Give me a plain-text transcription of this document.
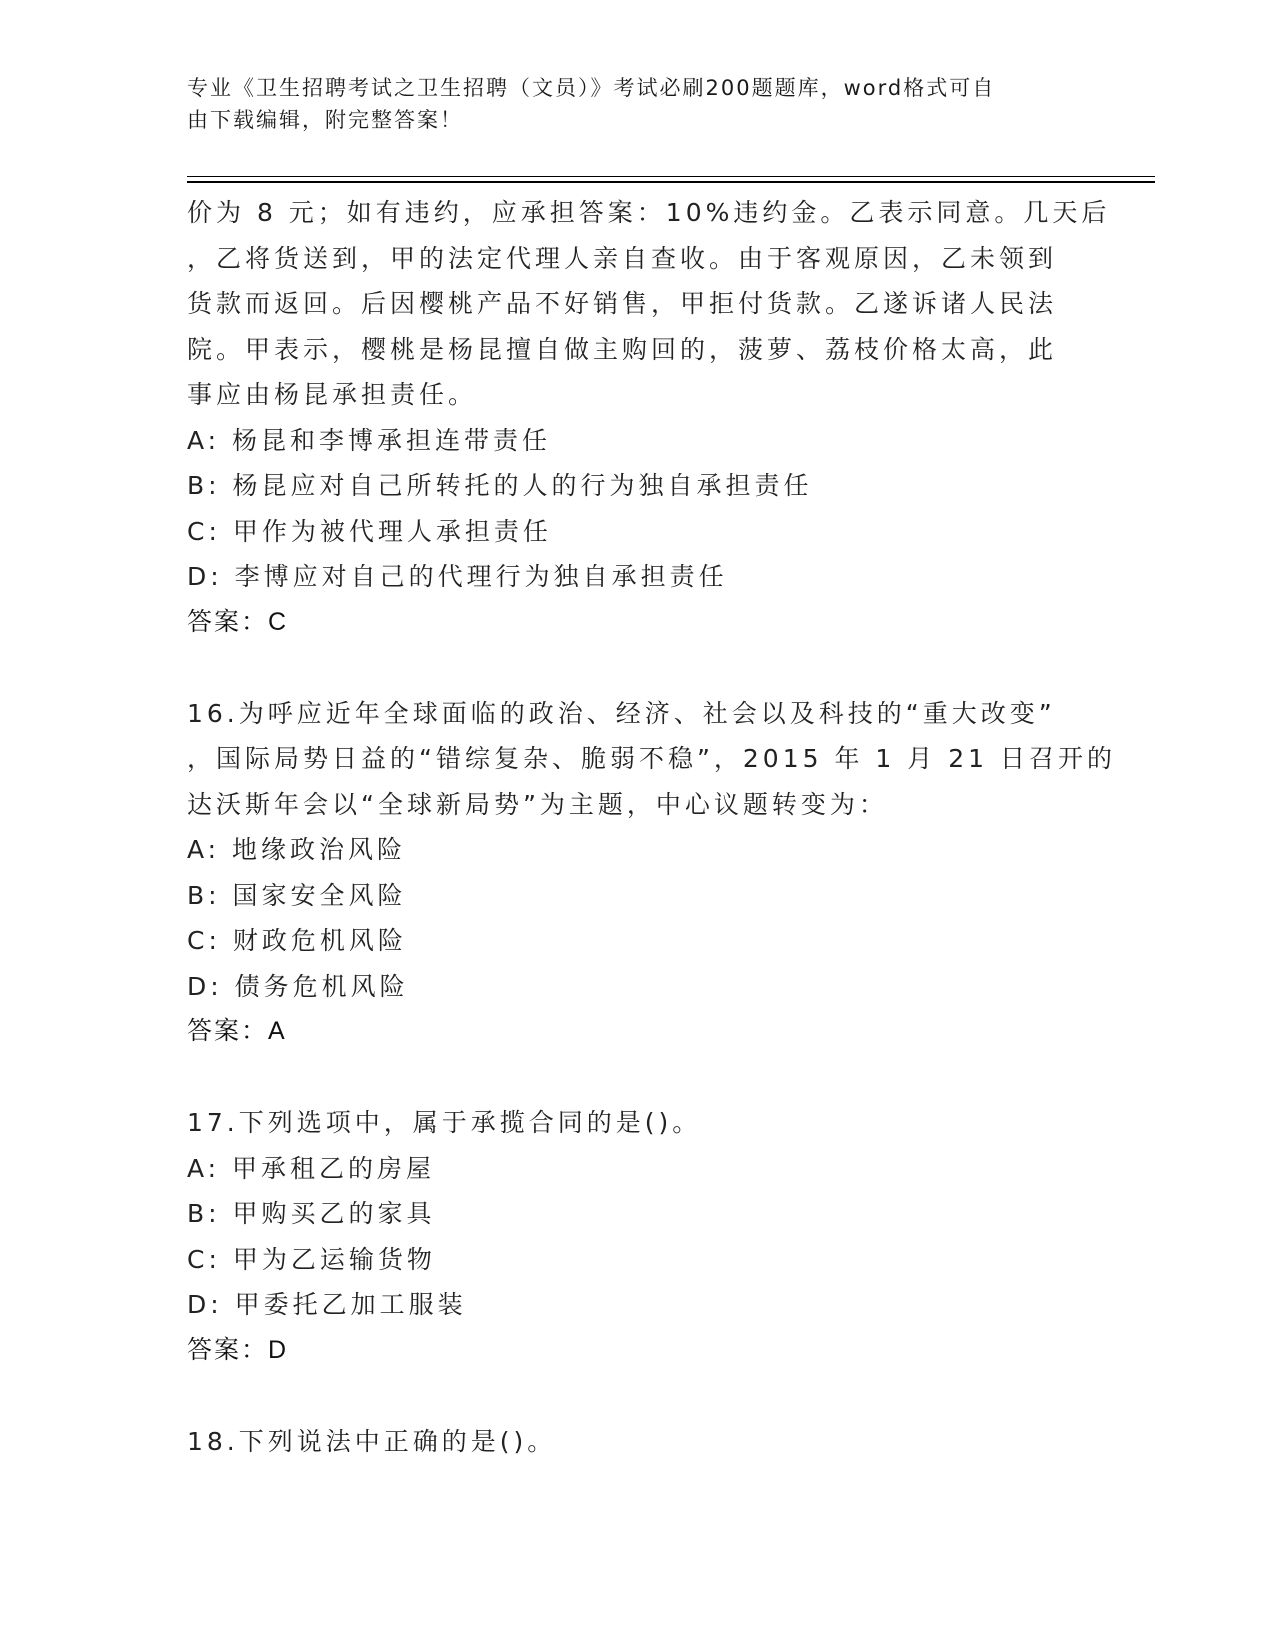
专业《卫生招聘考试之卫生招聘（文员）》考试必刷200题题库，word格式可自
由下载编辑，附完整答案！
价为 8 元；如有违约，应承担答案：10%违约金。乙表示同意。几天后
，乙将货送到，甲的法定代理人亲自查收。由于客观原因，乙未领到
货款而返回。后因樱桃产品不好销售，甲拒付货款。乙遂诉诸人民法
院。甲表示，樱桃是杨昆擅自做主购回的，菠萝、荔枝价格太高，此
事应由杨昆承担责任。
A: 杨昆和李博承担连带责任
B: 杨昆应对自己所转托的人的行为独自承担责任
C: 甲作为被代理人承担责任
D: 李博应对自己的代理行为独自承担责任
答案：C
16.为呼应近年全球面临的政治、经济、社会以及科技的“重大改变”
，国际局势日益的“错综复杂、脆弱不稳”，2015 年 1 月 21 日召开的
达沃斯年会以“全球新局势”为主题，中心议题转变为：
A: 地缘政治风险
B: 国家安全风险
C: 财政危机风险
D: 债务危机风险
答案：A
17.下列选项中，属于承揽合同的是()。
A: 甲承租乙的房屋
B: 甲购买乙的家具
C: 甲为乙运输货物
D: 甲委托乙加工服装
答案：D
18.下列说法中正确的是()。
